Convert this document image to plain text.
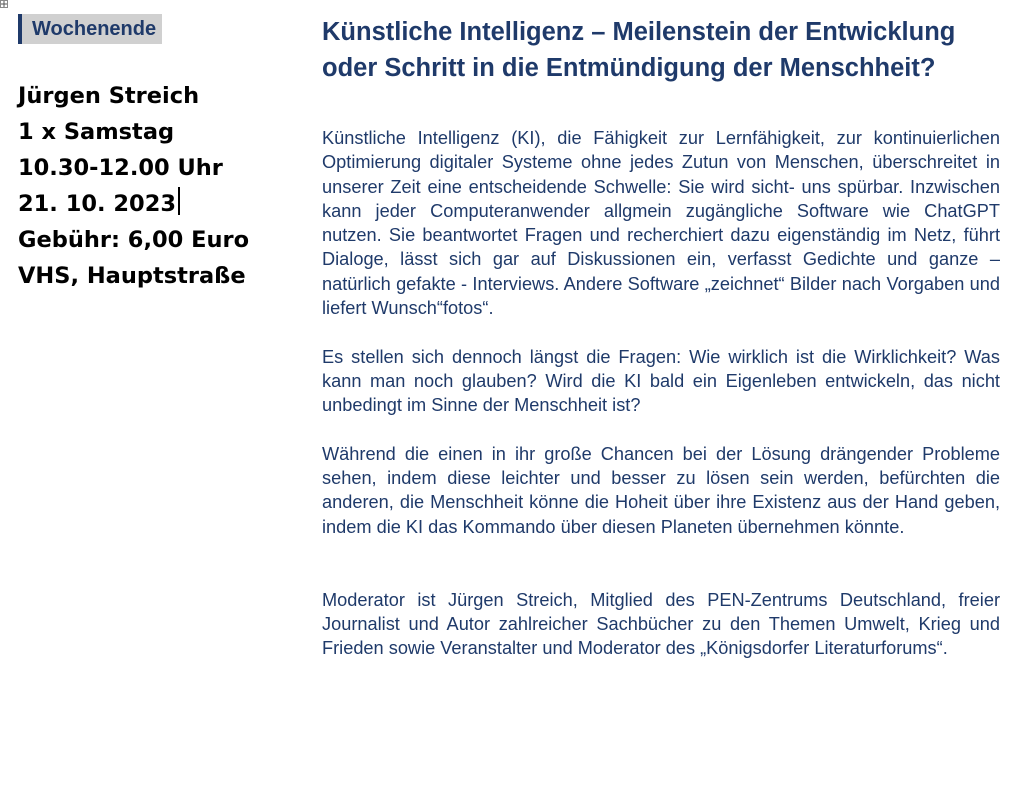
Wochenende
Jürgen Streich
1 x Samstag
10.30-12.00 Uhr
21. 10. 2023
Gebühr: 6,00 Euro
VHS, Hauptstraße
Künstliche Intelligenz – Meilenstein der Entwicklung oder Schritt in die Entmündigung der Menschheit?

Künstliche Intelligenz (KI), die Fähigkeit zur Lernfähigkeit, zur kontinuierlichen Optimierung digitaler Systeme ohne jedes Zutun von Menschen, überschreitet in unserer Zeit eine entscheidende Schwelle: Sie wird sicht- uns spürbar. Inzwischen kann jeder Computeranwender allgmein zugängliche Software wie ChatGPT nutzen. Sie beantwortet Fragen und recherchiert dazu eigenständig im Netz, führt Dialoge, lässt sich gar auf Diskussionen ein, verfasst Gedichte und ganze – natürlich gefakte - Interviews. Andere Software „zeichnet“ Bilder nach Vorgaben und liefert Wunsch“fotos“.

Es stellen sich dennoch längst die Fragen: Wie wirklich ist die Wirklichkeit? Was kann man noch glauben? Wird die KI bald ein Eigenleben entwickeln, das nicht unbedingt im Sinne der Menschheit ist?

Während die einen in ihr große Chancen bei der Lösung drängender Probleme sehen, indem diese leichter und besser zu lösen sein werden, befürchten die anderen, die Menschheit könne die Hoheit über ihre Existenz aus der Hand geben, indem die KI das Kommando über diesen Planeten übernehmen könnte.

Moderator ist Jürgen Streich, Mitglied des PEN-Zentrums Deutschland, freier Journalist und Autor zahlreicher Sachbücher zu den Themen Umwelt, Krieg und Frieden sowie Veranstalter und Moderator des „Königsdorfer Literaturforums“.
